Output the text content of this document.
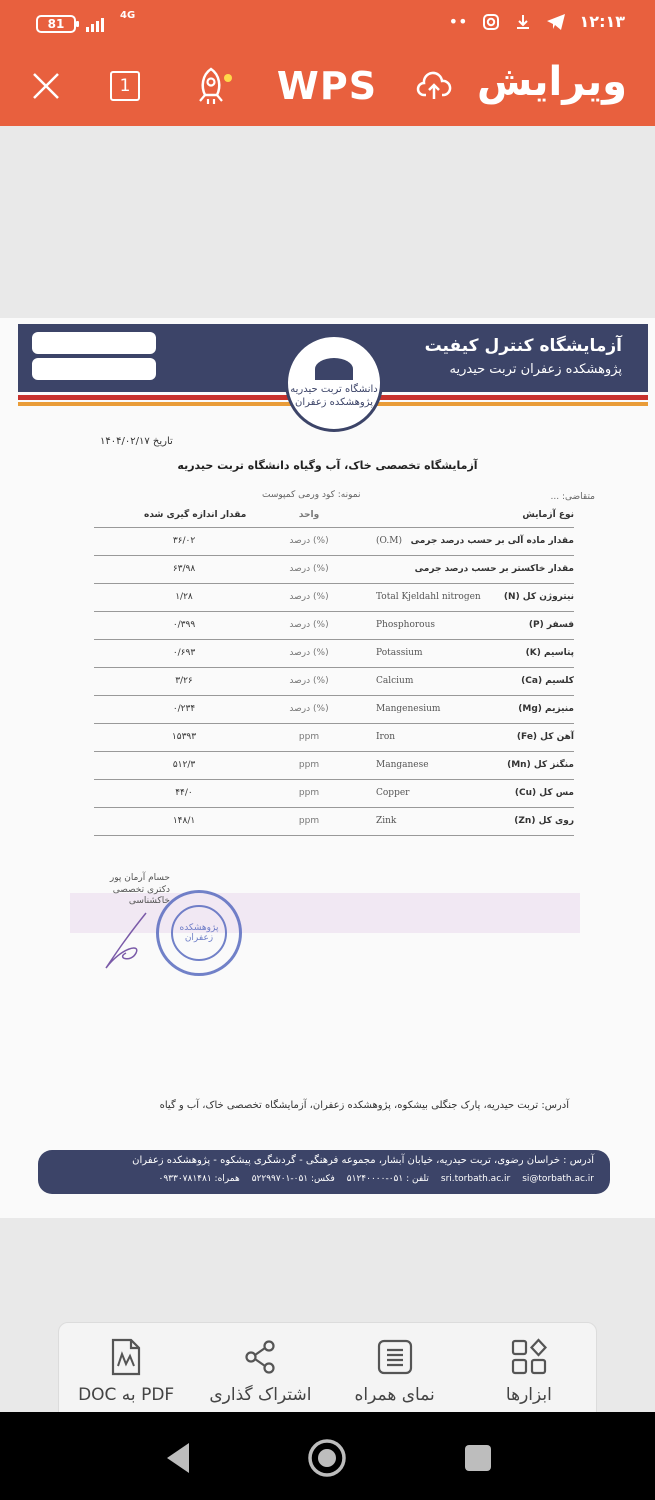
81
4G	••	۱۲:۱۳
1	WPS ویرایش
آزمایشگاه کنترل کیفیت
پژوهشکده زعفران تربت حیدریه
دانشگاه تربت حیدریه
پژوهشکده زعفران
تاریخ ۱۴۰۴/۰۲/۱۷
آزمایشگاه تخصصی خاک، آب وگیاه دانشگاه تربت حیدریه
متقاضی: ...
نمونه: کود ورمی کمپوست
مقدار اندازه گیری شده	واحد	نوع آزمایش
۳۶/۰۲	درصد (%)	(O.M) مقدار ماده آلی بر حسب درصد جرمی
۶۳/۹۸	درصد (%)	مقدار خاکستر بر حسب درصد جرمی
۱/۲۸	درصد (%)	Total Kjeldahl nitrogen	نیتروژن کل (N)
۰/۳۹۹	درصد (%)	Phosphorous	فسفر (P)
۰/۶۹۳	درصد (%)	Potassium	پتاسیم (K)
۳/۲۶	درصد (%)	Calcium	کلسیم (Ca)
۰/۲۳۴	درصد (%)	Mangenesium	منیزیم (Mg)
۱۵۳۹۳	ppm	Iron	آهن کل (Fe)
۵۱۲/۳	ppm	Manganese	منگنز کل (Mn)
۴۴/۰	ppm	Copper	مس کل (Cu)
۱۴۸/۱	ppm	Zink	روی کل (Zn)
حسام آرمان پور
دکتری تخصصی خاکشناسی
پژوهشکده زعفران
آدرس: تربت حیدریه، پارک جنگلی بیشکوه، پژوهشکده زعفران، آزمایشگاه تخصصی خاک، آب و گیاه
آدرس : خراسان رضوی، تربت حیدریه، خیابان آبشار، مجموعه فرهنگی - گردشگری پیشکوه - پژوهشکده زعفران
si@torbath.ac.ir
sri.torbath.ac.ir
تلفن : ۰۵۱-۵۱۲۴۰۰۰۰
فکس: ۰۵۱-۵۲۲۹۹۷۰۱
همراه: ۰۹۳۳۰۷۸۱۴۸۱
ابزارها
نمای همراه
اشتراک گذاری
PDF به DOC
